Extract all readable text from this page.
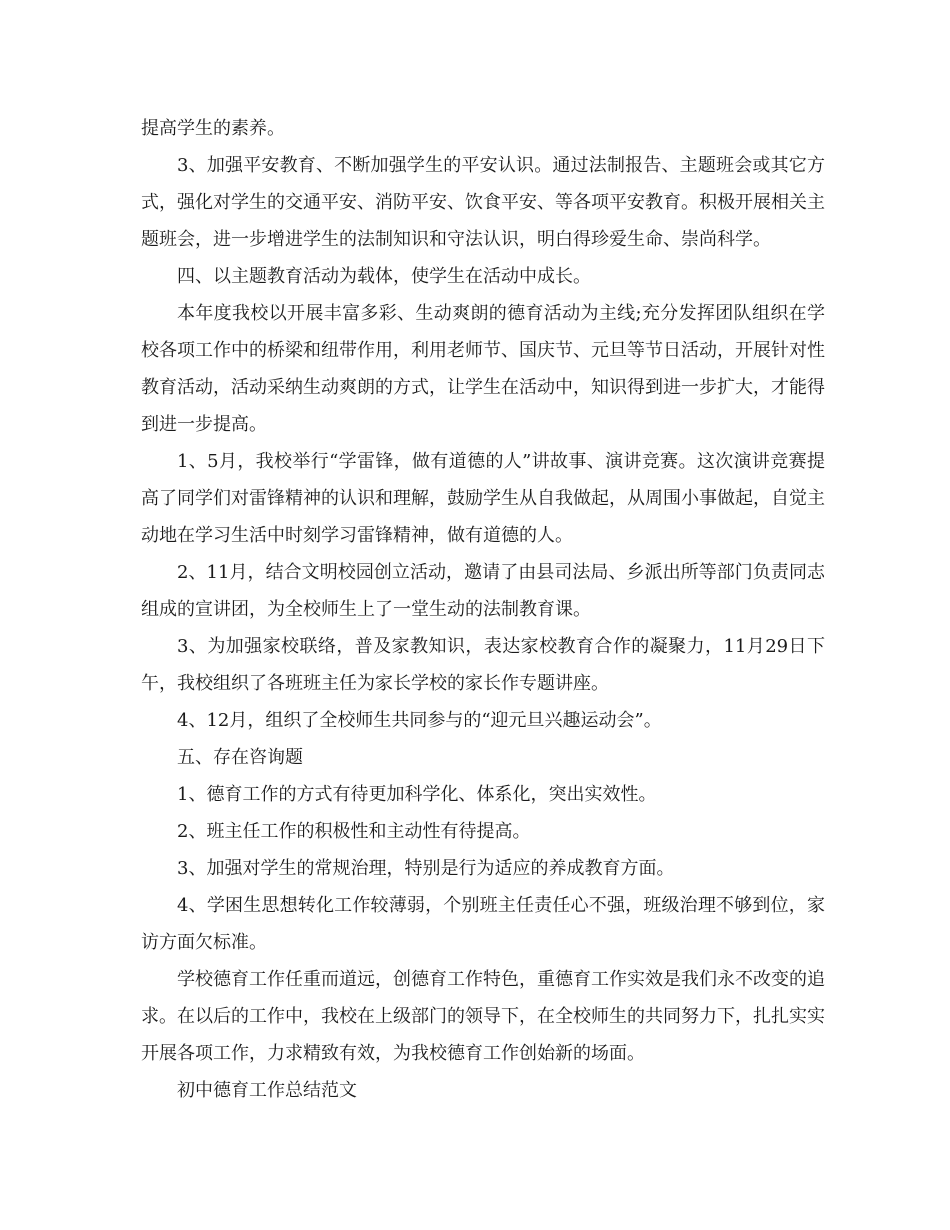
提高学生的素养。

3、加强平安教育、不断加强学生的平安认识。通过法制报告、主题班会或其它方式，强化对学生的交通平安、消防平安、饮食平安、等各项平安教育。积极开展相关主题班会，进一步增进学生的法制知识和守法认识，明白得珍爱生命、崇尚科学。

四、以主题教育活动为载体，使学生在活动中成长。

本年度我校以开展丰富多彩、生动爽朗的德育活动为主线;充分发挥团队组织在学校各项工作中的桥梁和纽带作用，利用老师节、国庆节、元旦等节日活动，开展针对性教育活动，活动采纳生动爽朗的方式，让学生在活动中，知识得到进一步扩大，才能得到进一步提高。

1、5月，我校举行“学雷锋，做有道德的人”讲故事、演讲竞赛。这次演讲竞赛提高了同学们对雷锋精神的认识和理解，鼓励学生从自我做起，从周围小事做起，自觉主动地在学习生活中时刻学习雷锋精神，做有道德的人。

2、11月，结合文明校园创立活动，邀请了由县司法局、乡派出所等部门负责同志组成的宣讲团，为全校师生上了一堂生动的法制教育课。

3、为加强家校联络，普及家教知识，表达家校教育合作的凝聚力，11月29日下午，我校组织了各班班主任为家长学校的家长作专题讲座。

4、12月，组织了全校师生共同参与的“迎元旦兴趣运动会”。

五、存在咨询题

1、德育工作的方式有待更加科学化、体系化，突出实效性。

2、班主任工作的积极性和主动性有待提高。

3、加强对学生的常规治理，特别是行为适应的养成教育方面。

4、学困生思想转化工作较薄弱，个别班主任责任心不强，班级治理不够到位，家访方面欠标准。

学校德育工作任重而道远，创德育工作特色，重德育工作实效是我们永不改变的追求。在以后的工作中，我校在上级部门的领导下，在全校师生的共同努力下，扎扎实实开展各项工作，力求精致有效，为我校德育工作创始新的场面。

初中德育工作总结范文
